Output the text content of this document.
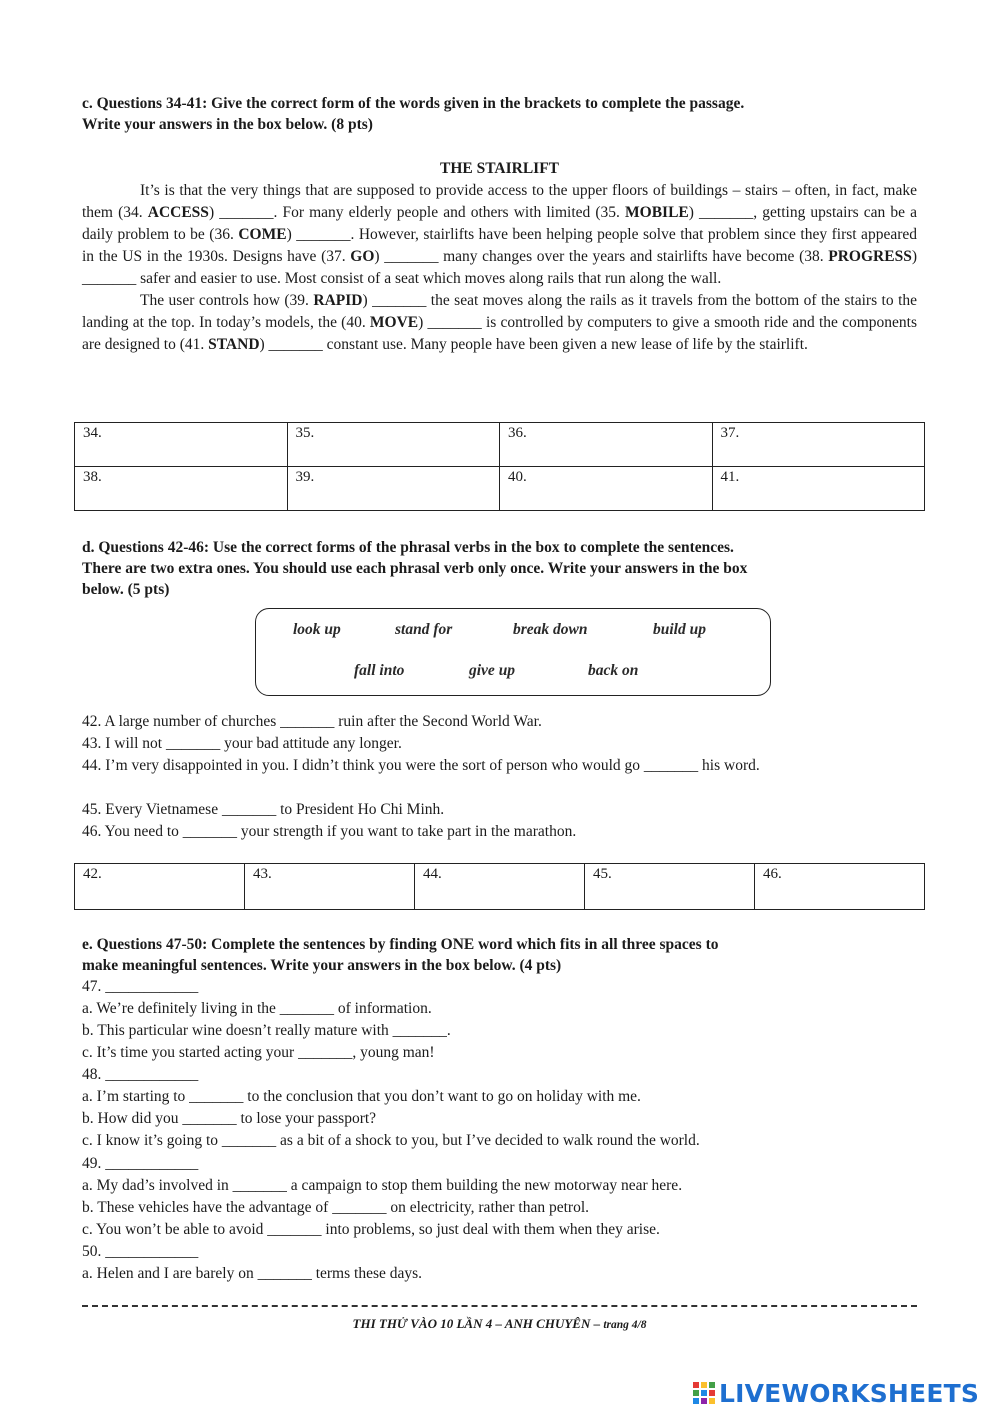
c. Questions 34-41: Give the correct form of the words given in the brackets to complete the passage.
Write your answers in the box below. (8 pts)
THE STAIRLIFT

It’s is that the very things that are supposed to provide access to the upper floors of buildings – stairs – often, in fact, make them (34. ACCESS) _______. For many elderly people and others with limited (35. MOBILE) _______, getting upstairs can be a daily problem to be (36. COME) _______. However, stairlifts have been helping people solve that problem since they first appeared in the US in the 1930s. Designs have (37. GO) _______ many changes over the years and stairlifts have become (38. PROGRESS) _______ safer and easier to use. Most consist of a seat which moves along rails that run along the wall.

The user controls how (39. RAPID) _______ the seat moves along the rails as it travels from the bottom of the stairs to the landing at the top. In today’s models, the (40. MOVE) _______ is controlled by computers to give a smooth ride and the components are designed to (41. STAND) _______ constant use. Many people have been given a new lease of life by the stairlift.

34.	35.	36.	37.
38.	39.	40.	41.
d. Questions 42-46: Use the correct forms of the phrasal verbs in the box to complete the sentences.
There are two extra ones. You should use each phrasal verb only once. Write your answers in the box
below. (5 pts)
look up	stand for	break down	build up
fall into	give up	back on
42. A large number of churches _______ ruin after the Second World War.
43. I will not _______ your bad attitude any longer.
44. I’m very disappointed in you. I didn’t think you were the sort of person who would go _______ his word.
45. Every Vietnamese _______ to President Ho Chi Minh.
46. You need to _______ your strength if you want to take part in the marathon.
42.	43.	44.	45.	46.
e. Questions 47-50: Complete the sentences by finding ONE word which fits in all three spaces to
make meaningful sentences. Write your answers in the box below. (4 pts)
47. ____________
a. We’re definitely living in the _______ of information.
b. This particular wine doesn’t really mature with _______.
c. It’s time you started acting your _______, young man!
48. ____________
a. I’m starting to _______ to the conclusion that you don’t want to go on holiday with me.
b. How did you _______ to lose your passport?
c. I know it’s going to _______ as a bit of a shock to you, but I’ve decided to walk round the world.
49. ____________
a. My dad’s involved in _______ a campaign to stop them building the new motorway near here.
b. These vehicles have the advantage of _______ on electricity, rather than petrol.
c. You won’t be able to avoid _______ into problems, so just deal with them when they arise.
50. ____________
a. Helen and I are barely on _______ terms these days.
THI THỬ VÀO 10 LẦN 4 – ANH CHUYÊN – trang 4/8
LIVEWORKSHEETS
